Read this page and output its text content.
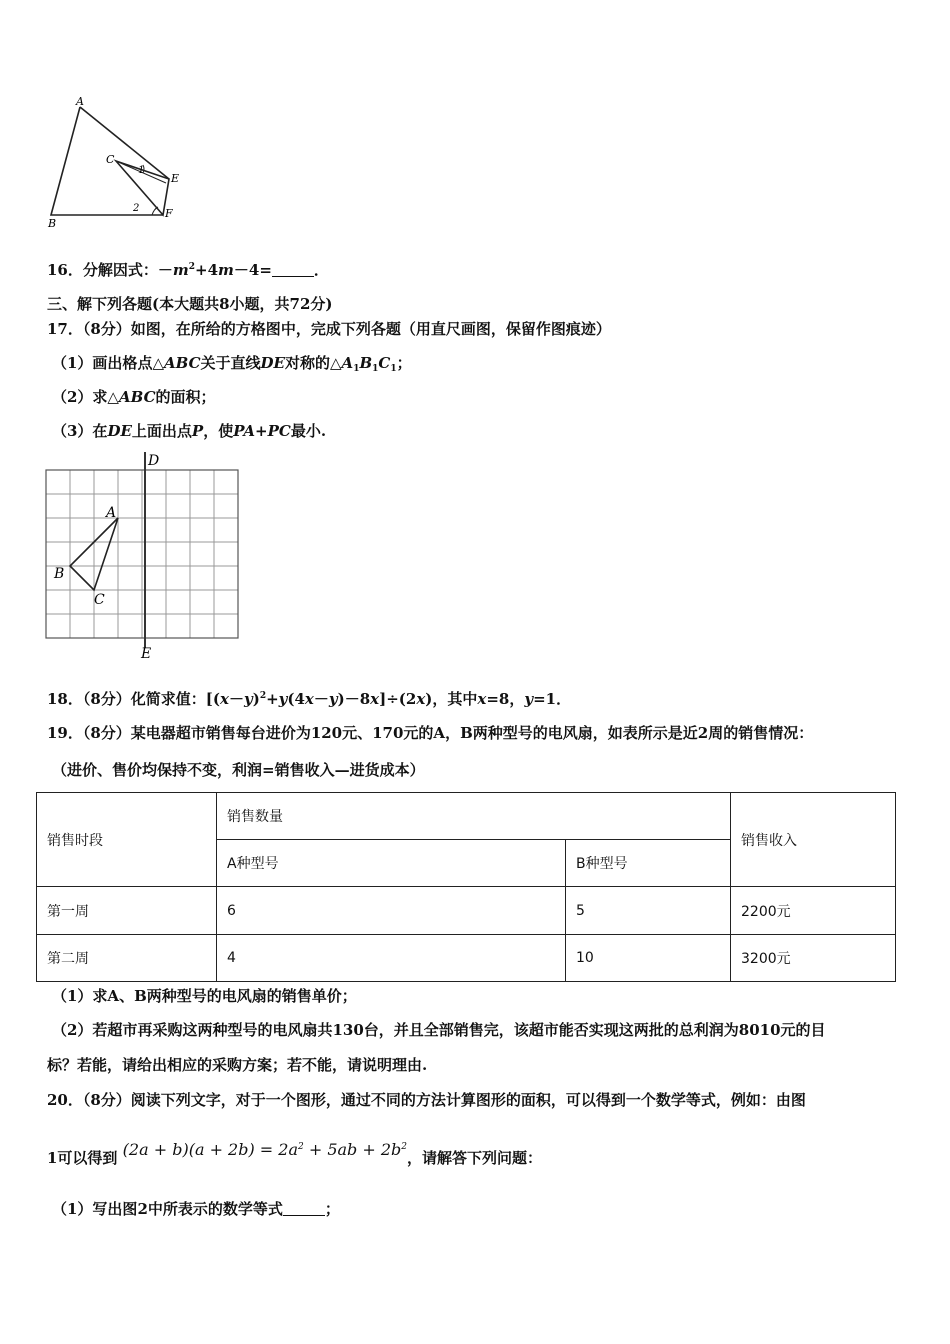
A
B
C
E
F
1
2
16．分解因式：$-m^2+4m-4=$	．
三、解下列各题(本大题共8小题，共72分)
17．（8分）如图，在所给的方格图中，完成下列各题（用直尺画图，保留作图痕迹）
（1）画出格点△ABC关于直线DE对称的$\triangle A_1B_1C_1$；
（2）求△ABC的面积；
（3）在DE上面出点P，使PA+PC最小.
D
E
A
B
C
18．（8分）化简求值：$[(x-y)^2+y(4x-y)-8x]\div(2x)$，其中x=8，y=1．
19．（8分）某电器超市销售每台进价为120元、170元的A，B两种型号的电风扇，如表所示是近2周的销售情况：
（进价、售价均保持不变，利润=销售收入—进货成本）
销售时段	销售数量		销售收入
	A种型号	B种型号	
第一周	6	5	2200元
第二周	4	10	3200元
（1）求A、B两种型号的电风扇的销售单价；
（2）若超市再采购这两种型号的电风扇共130台，并且全部销售完，该超市能否实现这两批的总利润为8010元的目
标？若能，请给出相应的采购方案；若不能，请说明理由.
20．（8分）阅读下列文字，对于一个图形，通过不同的方法计算图形的面积，可以得到一个数学等式，例如：由图
1可以得到 $(2a + b)(a + 2b) = 2a^2 + 5ab + 2b^2$，请解答下列问题：
（1）写出图2中所表示的数学等式	；
